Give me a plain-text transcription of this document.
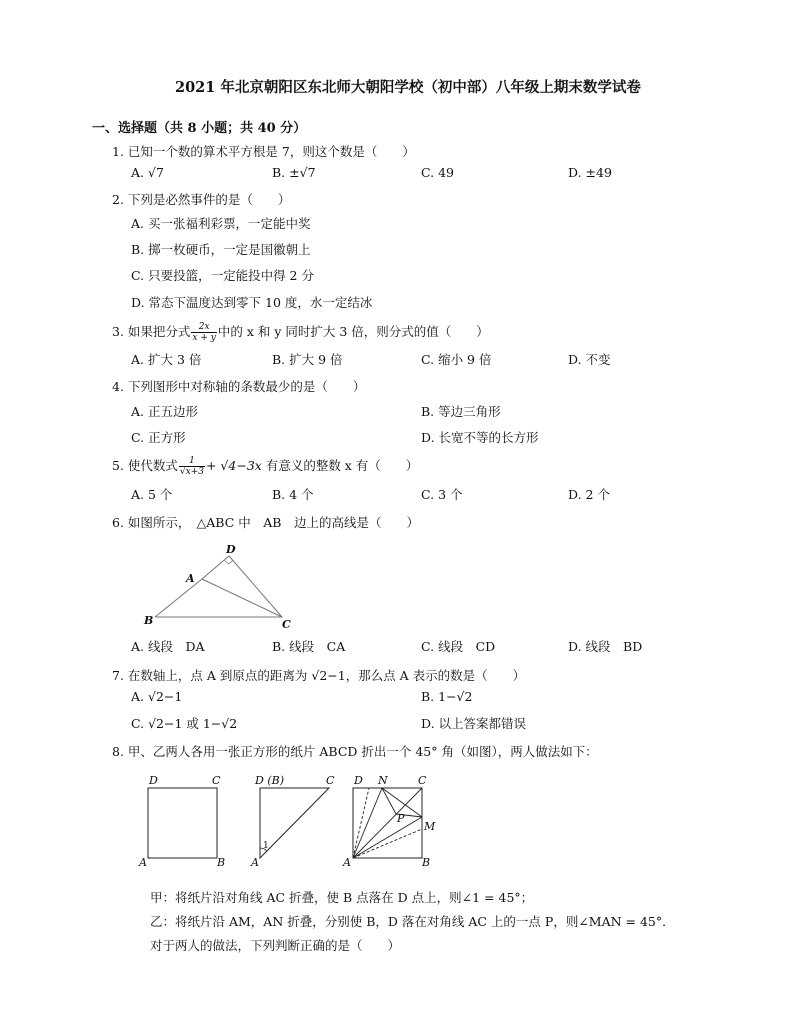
2021 年北京朝阳区东北师大朝阳学校（初中部）八年级上期末数学试卷
一、选择题（共 8 小题；共 40 分）
1. 已知一个数的算术平方根是 7，则这个数是（　　）
A. √7	B. ±√7	C. 49	D. ±49
2. 下列是必然事件的是（　　）
A. 买一张福利彩票，一定能中奖
B. 掷一枚硬币，一定是国徽朝上
C. 只要投篮，一定能投中得 2 分
D. 常态下温度达到零下 10 度，水一定结冰
3. 如果把分式 $\frac{2x}{x + y}$ 中的 x 和 y 同时扩大 3 倍，则分式的值（　　）
A. 扩大 3 倍	B. 扩大 9 倍	C. 缩小 9 倍	D. 不变
4. 下列图形中对称轴的条数最少的是（　　）
A. 正五边形	B. 等边三角形
C. 正方形	D. 长宽不等的长方形
5. 使代数式 $\frac{1}{√x+3} + √4-3x$ 有意义的整数 x 有（　　）
A. 5 个	B. 4 个	C. 3 个	D. 2 个
6. 如图所示，　△ABC 中　AB　边上的高线是（　　）
D
A
B	C
A. 线段　DA	B. 线段　CA	C. 线段　CD	D. 线段　BD
7. 在数轴上，点 A 到原点的距离为 √2−1，那么点 A 表示的数是（　　）
A. √2−1	B. 1−√2
C. √2−1 或 1−√2	D. 以上答案都错误
8. 甲、乙两人各用一张正方形的纸片 ABCD 折出一个 45° 角（如图），两人做法如下：
D	C
A	B
D (B)	C
A
1
D N	C
P
M
A	B
甲：将纸片沿对角线 AC 折叠，使 B 点落在 D 点上，则∠1 = 45°；
乙：将纸片沿 AM，AN 折叠，分别使 B，D 落在对角线 AC 上的一点 P，则∠MAN = 45°．
对于两人的做法，下列判断正确的是（　　）
